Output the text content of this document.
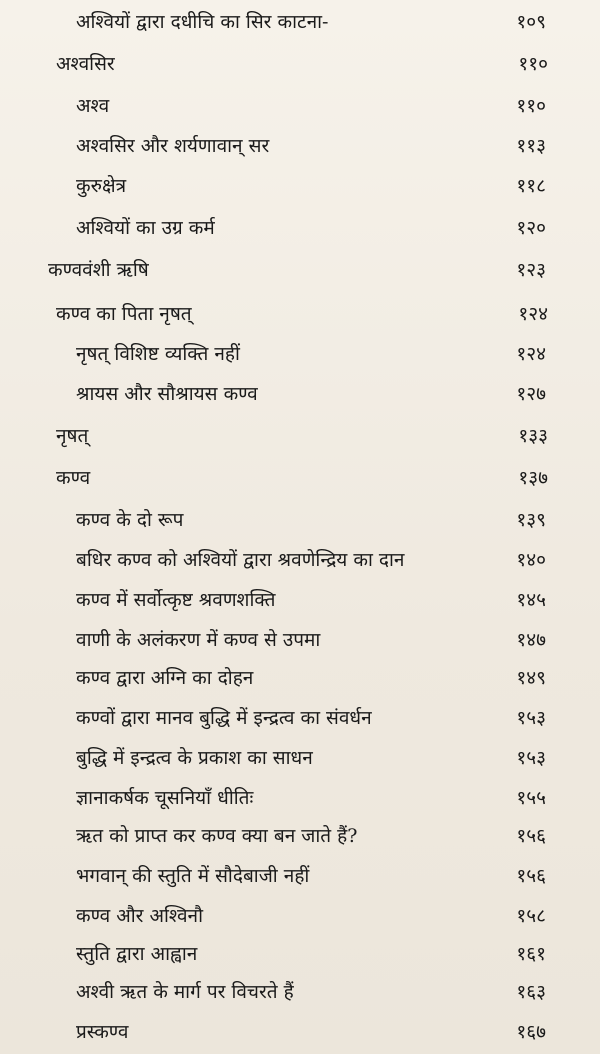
अश्वियों द्वारा दधीचि का सिर काटना-	१०९
अश्वसिर	११०
अश्व	११०
अश्वसिर और शर्यणावान् सर	११३
कुरुक्षेत्र	११८
अश्वियों का उग्र कर्म	१२०
कण्ववंशी ऋषि	१२३
कण्व का पिता नृषत्	१२४
नृषत् विशिष्ट व्यक्ति नहीं	१२४
श्रायस और सौश्रायस कण्व	१२७
नृषत्	१३३
कण्व	१३७
कण्व के दो रूप	१३९
बधिर कण्व को अश्वियों द्वारा श्रवणेन्द्रिय का दान	१४०
कण्व में सर्वोत्कृष्ट श्रवणशक्ति	१४५
वाणी के अलंकरण में कण्व से उपमा	१४७
कण्व द्वारा अग्नि का दोहन	१४९
कण्वों द्वारा मानव बुद्धि में इन्द्रत्व का संवर्धन	१५३
बुद्धि में इन्द्रत्व के प्रकाश का साधन	१५३
ज्ञानाकर्षक चूसनियाँ धीतिः	१५५
ऋत को प्राप्त कर कण्व क्या बन जाते हैं?	१५६
भगवान् की स्तुति में सौदेबाजी नहीं	१५६
कण्व और अश्विनौ	१५८
स्तुति द्वारा आह्वान	१६१
अश्वी ऋत के मार्ग पर विचरते हैं	१६३
प्रस्कण्व	१६७
